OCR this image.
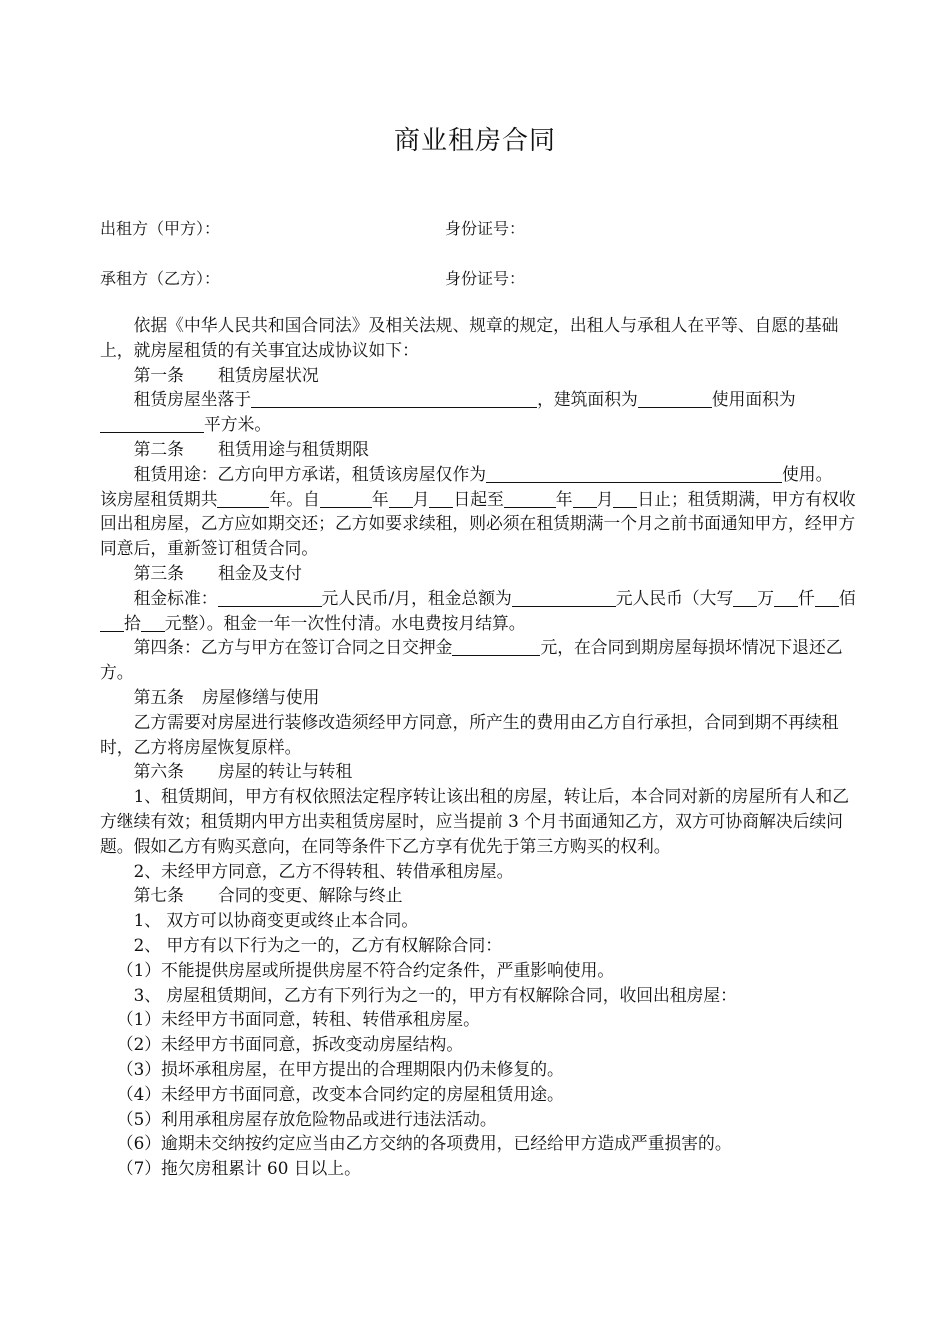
商业租房合同
出租方（甲方）：	身份证号：
承租方（乙方）：	身份证号：

依据《中华人民共和国合同法》及相关法规、规章的规定，出租人与承租人在平等、自愿的基础上，就房屋租赁的有关事宜达成协议如下：

第一条 租赁房屋状况

租赁房屋坐落于	，建筑面积为	使用面积为平方米。

第二条 租赁用途与租赁期限

租赁用途：乙方向甲方承诺，租赁该房屋仅作为	使用。

该房屋租赁期共	年。自	年 月 日起至	年 月 日止；租赁期满，甲方有权收回出租房屋，乙方应如期交还；乙方如要求续租，则必须在租赁期满一个月之前书面通知甲方，经甲方同意后，重新签订租赁合同。

第三条 租金及支付

租金标准：	元人民币/月，租金总额为	元人民币（大写 万 仟 佰拾 元整）。租金一年一次性付清。水电费按月结算。

第四条：乙方与甲方在签订合同之日交押金	元，在合同到期房屋每损坏情况下退还乙方。

第五条 房屋修缮与使用

乙方需要对房屋进行装修改造须经甲方同意，所产生的费用由乙方自行承担，合同到期不再续租时，乙方将房屋恢复原样。

第六条 房屋的转让与转租

1、租赁期间，甲方有权依照法定程序转让该出租的房屋，转让后，本合同对新的房屋所有人和乙方继续有效；租赁期内甲方出卖租赁房屋时，应当提前 3 个月书面通知乙方，双方可协商解决后续问题。假如乙方有购买意向，在同等条件下乙方享有优先于第三方购买的权利。

2、未经甲方同意，乙方不得转租、转借承租房屋。

第七条 合同的变更、解除与终止

1、 双方可以协商变更或终止本合同。

2、 甲方有以下行为之一的，乙方有权解除合同：

（1）不能提供房屋或所提供房屋不符合约定条件，严重影响使用。

3、 房屋租赁期间，乙方有下列行为之一的，甲方有权解除合同，收回出租房屋：

（1）未经甲方书面同意，转租、转借承租房屋。

（2）未经甲方书面同意，拆改变动房屋结构。

（3）损坏承租房屋，在甲方提出的合理期限内仍未修复的。

（4）未经甲方书面同意，改变本合同约定的房屋租赁用途。

（5）利用承租房屋存放危险物品或进行违法活动。

（6）逾期未交纳按约定应当由乙方交纳的各项费用，已经给甲方造成严重损害的。

（7）拖欠房租累计 60 日以上。
